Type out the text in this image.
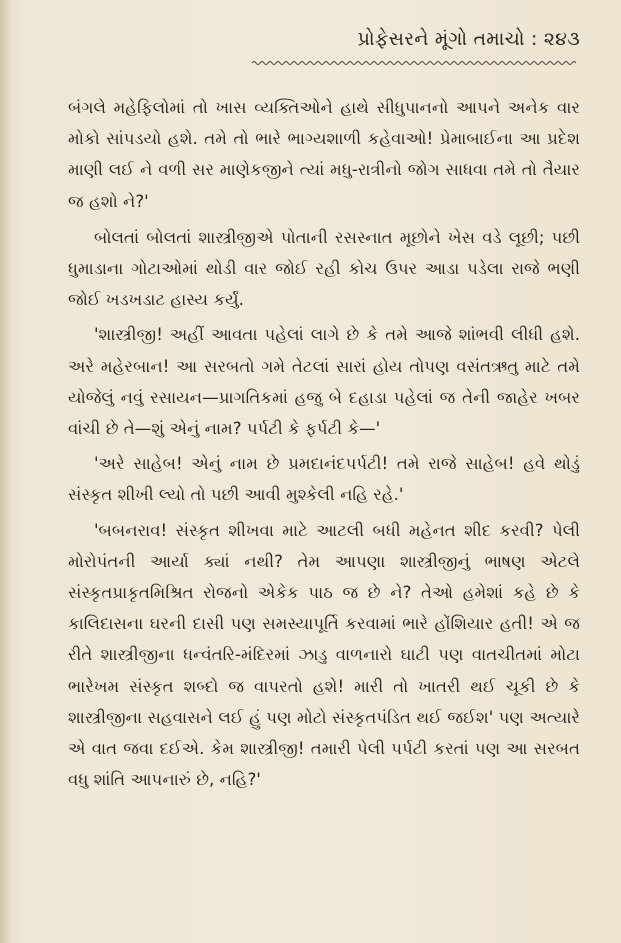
પ્રોફેસરને મૂંગો તમાચો : ૨૪૩

બંગલે મહેફિલોમાં તો ખાસ વ્યક્તિઓને હાથે સીધુપાનનો આપને અનેક વાર મોકો સાંપડયો હશે. તમે તો ભારે ભાગ્યશાળી કહેવાઓ! પ્રેમાબાઈના આ પ્રદેશ માણી લઈ ને વળી સર માણેકજીને ત્યાં મધુ-રાત્રીનો જોગ સાધવા તમે તો તૈયાર જ હશો ને?'

બોલતાં બોલતાં શાસ્ત્રીજીએ પોતાની રસસ્નાત મૂછોને ખેસ વડે લૂછી; પછી ધુમાડાના ગોટાઓમાં થોડી વાર જોઈ રહી કોચ ઉપર આડા પડેલા રાજે ભણી જોઈ ખડખડાટ હાસ્ય કર્યું.

'શાસ્ત્રીજી! અહીં આવતા પહેલાં લાગે છે કે તમે આજે શાંભવી લીધી હશે. અરે મહેરબાન! આ સરબતો ગમે તેટલાં સારાં હોય તોપણ વસંતઋતુ માટે તમે યોજેલું નવું રસાયન—પ્રાગતિકમાં હજુ બે દહાડા પહેલાં જ તેની જાહેર ખબર વાંચી છે તે—શું એનું નામ? પર્પટી કે ફર્પટી કે—'

'અરે સાહેબ! એનું નામ છે પ્રમદાનંદપર્પટી! તમે રાજે સાહેબ! હવે થોડું સંસ્કૃત શીખી લ્યો તો પછી આવી મુશ્કેલી નહિ રહે.'

'બબનરાવ! સંસ્કૃત શીખવા માટે આટલી બધી મહેનત શીદ કરવી? પેલી મોરોપંતની આર્યા ક્યાં નથી? તેમ આપણા શાસ્ત્રીજીનું ભાષણ એટલે સંસ્કૃતપ્રાકૃતમિશ્રિત રોજનો એકેક પાઠ જ છે ને? તેઓ હમેશાં કહે છે કે કાલિદાસના ઘરની દાસી પણ સમસ્યાપૂર્તિ કરવામાં ભારે હોંશિયાર હતી! એ જ રીતે શાસ્ત્રીજીના ધન્વંતરિ-મંદિરમાં ઝાડુ વાળનારો ઘાટી પણ વાતચીતમાં મોટા ભારેખમ સંસ્કૃત શબ્દો જ વાપરતો હશે! મારી તો ખાતરી થઈ ચૂકી છે કે શાસ્ત્રીજીના સહવાસને લઈ હું પણ મોટો સંસ્કૃતપંડિત થઈ જઈશ' પણ અત્યારે એ વાત જવા દઈએ. કેમ શાસ્ત્રીજી! તમારી પેલી પર્પટી કરતાં પણ આ સરબત વધુ શાંતિ આપનારું છે, નહિ?'
